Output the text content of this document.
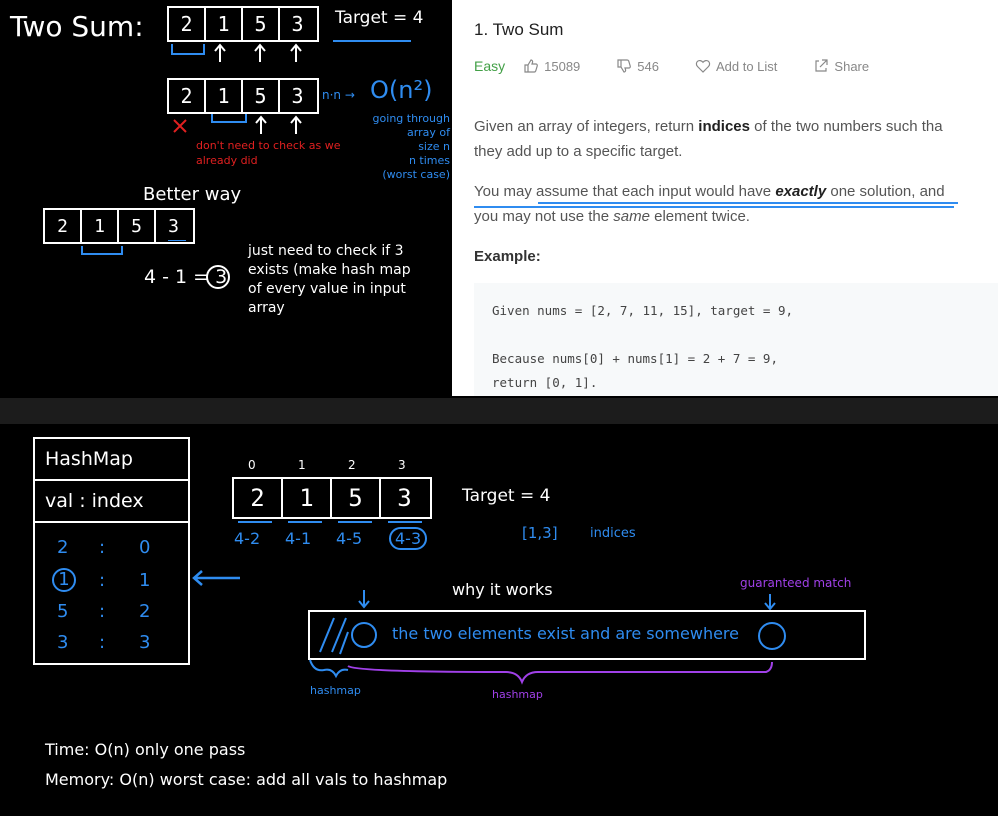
Two Sum:	2	1	5	3	Target = 4
2	1	5	3	n·n → O(n²)
going through
array of
size n
n times
(worst case)
don't need to check as we
already did
Better way
2	1	5	3
4 - 1 = 3
just need to check if 3
exists (make hash map
of every value in input
array
1. Two Sum
Easy	15089	546	Add to List	Share
Given an array of integers, return indices of the two numbers such tha
they add up to a specific target.
You may assume that each input would have exactly one solution, and
you may not use the same element twice.
Example:
Given nums = [2, 7, 11, 15], target = 9,
Because nums[0] + nums[1] = 2 + 7 = 9,
return [0, 1].
HashMap
val : index
2 : 0
1	: 1
5 : 2
3 : 3
0	1	2	3
2	1	5	3
4-2 4-1 4-5	4-3
Target = 4
[1,3] indices
why it works	guaranteed match
the two elements exist and are somewhere
hashmap	hashmap
Time: O(n) only one pass
Memory: O(n) worst case: add all vals to hashmap
